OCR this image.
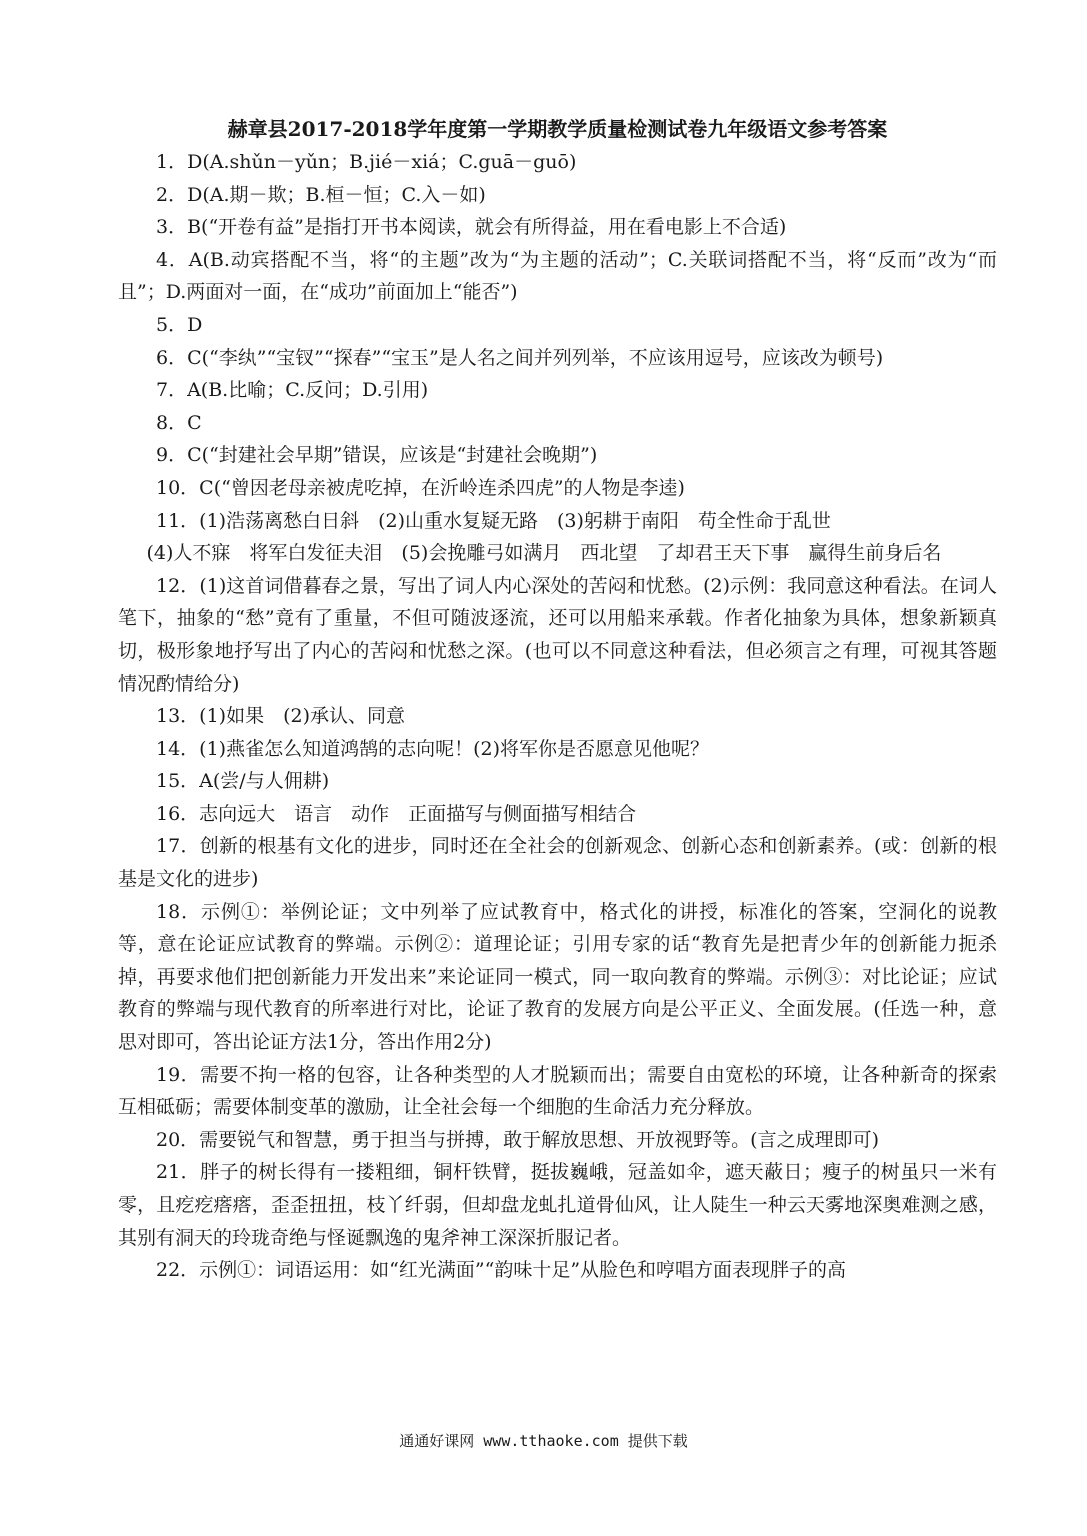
赫章县2017-2018学年度第一学期教学质量检测试卷九年级语文参考答案

1．D(A.shǔn－yǔn；B.jié－xiá；C.guā－guō)

2．D(A.期－欺；B.桓－恒；C.入－如)

3．B(“开卷有益”是指打开书本阅读，就会有所得益，用在看电影上不合适)

4．A(B.动宾搭配不当，将“的主题”改为“为主题的活动”；C.关联词搭配不当，将“反而”改为“而且”；D.两面对一面，在“成功”前面加上“能否”)

5．D

6．C(“李纨”“宝钗”“探春”“宝玉”是人名之间并列列举，不应该用逗号，应该改为顿号)

7．A(B.比喻；C.反问；D.引用)

8．C

9．C(“封建社会早期”错误，应该是“封建社会晚期”)

10．C(“曾因老母亲被虎吃掉，在沂岭连杀四虎”的人物是李逵)

11．(1)浩荡离愁白日斜　(2)山重水复疑无路　(3)躬耕于南阳　苟全性命于乱世

(4)人不寐　将军白发征夫泪　(5)会挽雕弓如满月　西北望　了却君王天下事　赢得生前身后名

12．(1)这首词借暮春之景，写出了词人内心深处的苦闷和忧愁。(2)示例：我同意这种看法。在词人笔下，抽象的“愁”竟有了重量，不但可随波逐流，还可以用船来承载。作者化抽象为具体，想象新颖真切，极形象地抒写出了内心的苦闷和忧愁之深。(也可以不同意这种看法，但必须言之有理，可视其答题情况酌情给分)

13．(1)如果　(2)承认、同意

14．(1)燕雀怎么知道鸿鹄的志向呢！(2)将军你是否愿意见他呢？

15．A(尝/与人佣耕)

16．志向远大　语言　动作　正面描写与侧面描写相结合

17．创新的根基有文化的进步，同时还在全社会的创新观念、创新心态和创新素养。(或：创新的根基是文化的进步)

18．示例①：举例论证；文中列举了应试教育中，格式化的讲授，标准化的答案，空洞化的说教等，意在论证应试教育的弊端。示例②：道理论证；引用专家的话“教育先是把青少年的创新能力扼杀掉，再要求他们把创新能力开发出来”来论证同一模式，同一取向教育的弊端。示例③：对比论证；应试教育的弊端与现代教育的所率进行对比，论证了教育的发展方向是公平正义、全面发展。(任选一种，意思对即可，答出论证方法1分，答出作用2分)

19．需要不拘一格的包容，让各种类型的人才脱颖而出；需要自由宽松的环境，让各种新奇的探索互相砥砺；需要体制变革的激励，让全社会每一个细胞的生命活力充分释放。

20．需要锐气和智慧，勇于担当与拼搏，敢于解放思想、开放视野等。(言之成理即可)

21．胖子的树长得有一搂粗细，铜杆铁臂，挺拔巍峨，冠盖如伞，遮天蔽日；瘦子的树虽只一米有零，且疙疙瘩瘩，歪歪扭扭，枝丫纤弱，但却盘龙虬扎道骨仙风，让人陡生一种云天雾地深奥难测之感，其别有洞天的玲珑奇绝与怪诞飘逸的鬼斧神工深深折服记者。

22．示例①：词语运用：如“红光满面”“韵味十足”从脸色和哼唱方面表现胖子的高

通通好课网 www.tthaoke.com 提供下载
